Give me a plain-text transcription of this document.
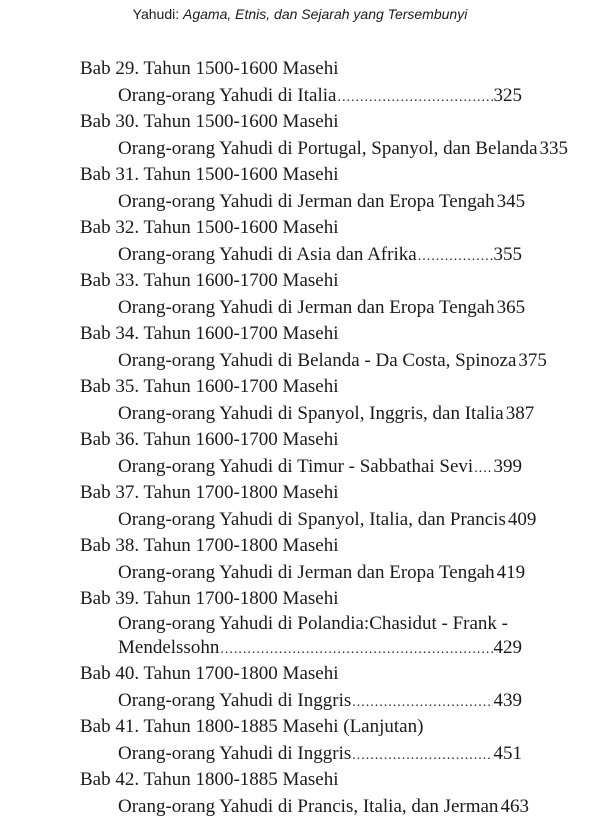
Yahudi: Agama, Etnis, dan Sejarah yang Tersembunyi
Bab 29. Tahun 1500-1600 Masehi
Orang-orang Yahudi di Italia .....	325
Bab 30. Tahun 1500-1600 Masehi
Orang-orang Yahudi di Portugal, Spanyol, dan Belanda 335
Bab 31. Tahun 1500-1600 Masehi
Orang-orang Yahudi di Jerman dan Eropa Tengah 345
Bab 32. Tahun 1500-1600 Masehi
Orang-orang Yahudi di Asia dan Afrika .....	355
Bab 33. Tahun 1600-1700 Masehi
Orang-orang Yahudi di Jerman dan Eropa Tengah 365
Bab 34. Tahun 1600-1700 Masehi
Orang-orang Yahudi di Belanda - Da Costa, Spinoza 375
Bab 35. Tahun 1600-1700 Masehi
Orang-orang Yahudi di Spanyol, Inggris, dan Italia 387
Bab 36. Tahun 1600-1700 Masehi
Orang-orang Yahudi di Timur - Sabbathai Sevi ..... 399
Bab 37. Tahun 1700-1800 Masehi
Orang-orang Yahudi di Spanyol, Italia, dan Prancis 409
Bab 38. Tahun 1700-1800 Masehi
Orang-orang Yahudi di Jerman dan Eropa Tengah 419
Bab 39. Tahun 1700-1800 Masehi
Orang-orang Yahudi di Polandia:Chasidut - Frank -
Mendelssohn .....	429
Bab 40. Tahun 1700-1800 Masehi
Orang-orang Yahudi di Inggris .....	439
Bab 41. Tahun 1800-1885 Masehi (Lanjutan)
Orang-orang Yahudi di Inggris .....	451
Bab 42. Tahun 1800-1885 Masehi
Orang-orang Yahudi di Prancis, Italia, dan Jerman 463
